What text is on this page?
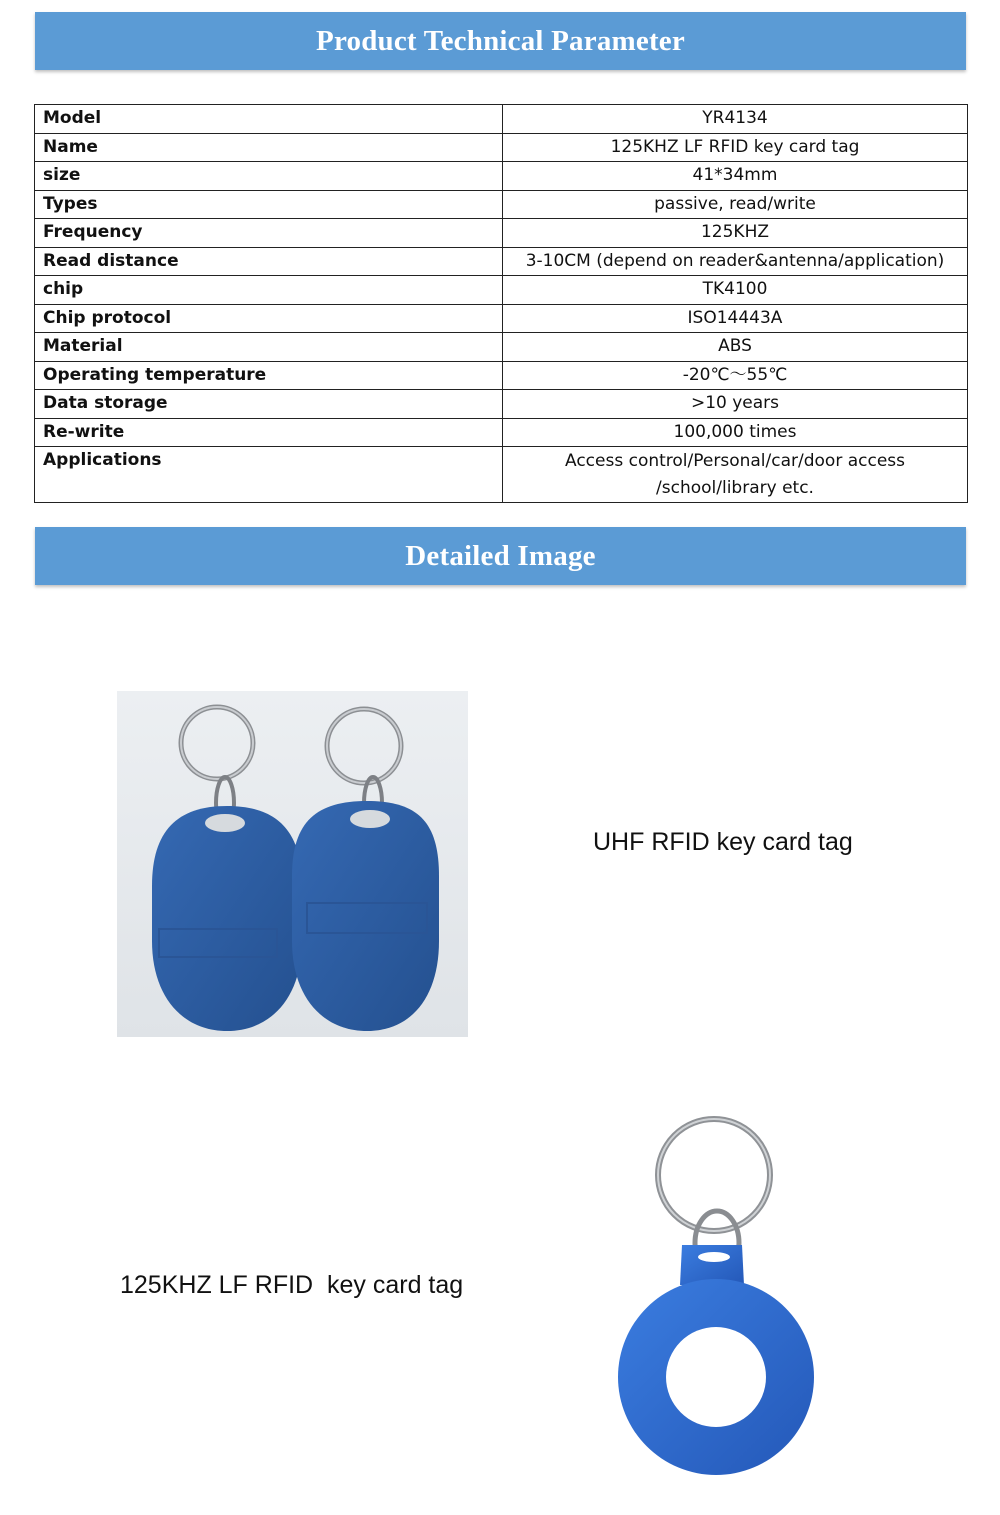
Product Technical Parameter
Model	YR4134
Name	125KHZ LF RFID key card tag
size	41*34mm
Types	passive, read/write
Frequency	125KHZ
Read distance	3-10CM (depend on reader&antenna/application)
chip	TK4100
Chip protocol	ISO14443A
Material	ABS
Operating temperature	-20℃～55℃
Data storage	>10 years
Re-write	100,000 times
Applications	Access control/Personal/car/door access
/school/library etc.
Detailed Image
UHF RFID key card tag
125KHZ LF RFID  key card tag
